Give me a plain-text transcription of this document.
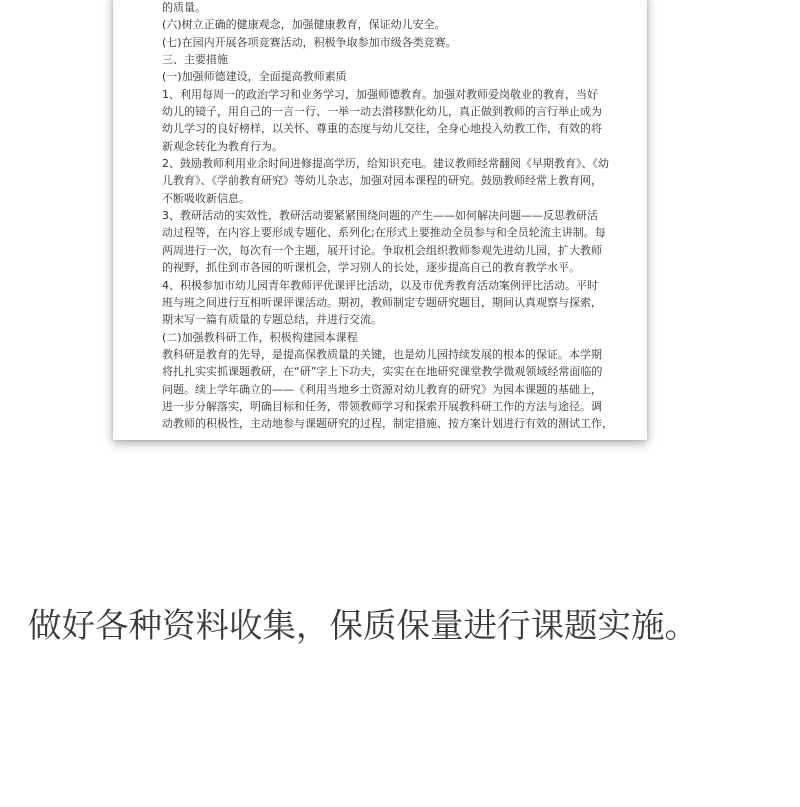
的质量。
(六)树立正确的健康观念，加强健康教育，保证幼儿安全。
(七)在园内开展各项竞赛活动，积极争取参加市级各类竞赛。
三、主要措施
(一)加强师德建设，全面提高教师素质
1、利用每周一的政治学习和业务学习，加强师德教育。加强对教师爱岗敬业的教育，当好
幼儿的镜子，用自己的一言一行、一举一动去潜移默化幼儿，真正做到教师的言行举止成为
幼儿学习的良好榜样，以关怀、尊重的态度与幼儿交往，全身心地投入幼教工作，有效的将
新观念转化为教育行为。
2、鼓励教师利用业余时间进修提高学历，给知识充电。建议教师经常翻阅《早期教育》、《幼
儿教育》、《学前教育研究》等幼儿杂志，加强对园本课程的研究。鼓励教师经常上教育网，
不断吸收新信息。
3、教研活动的实效性，教研活动要紧紧围绕问题的产生——如何解决问题——反思教研活
动过程等，在内容上要形成专题化、系列化;在形式上要推动全员参与和全员轮流主讲制。每
两周进行一次，每次有一个主题，展开讨论。争取机会组织教师参观先进幼儿园，扩大教师
的视野，抓住到市各园的听课机会，学习别人的长处，逐步提高自己的教育教学水平。
4、积极参加市幼儿园青年教师评优课评比活动，以及市优秀教育活动案例评比活动。平时
班与班之间进行互相听课评课活动。期初，教师制定专题研究题目，期间认真观察与探索，
期末写一篇有质量的专题总结，并进行交流。
(二)加强教科研工作，积极构建园本课程
教科研是教育的先导，是提高保教质量的关键，也是幼儿园持续发展的根本的保证。本学期
将扎扎实实抓课题教研，在“研”字上下功夫，实实在在地研究课堂教学微观领域经常面临的
问题。续上学年确立的——《利用当地乡土资源对幼儿教育的研究》为园本课题的基础上，
进一步分解落实，明确目标和任务，带领教师学习和探索开展教科研工作的方法与途径。调
动教师的积极性，主动地参与课题研究的过程，制定措施、按方案计划进行有效的测试工作，
做好各种资料收集，保质保量进行课题实施。
